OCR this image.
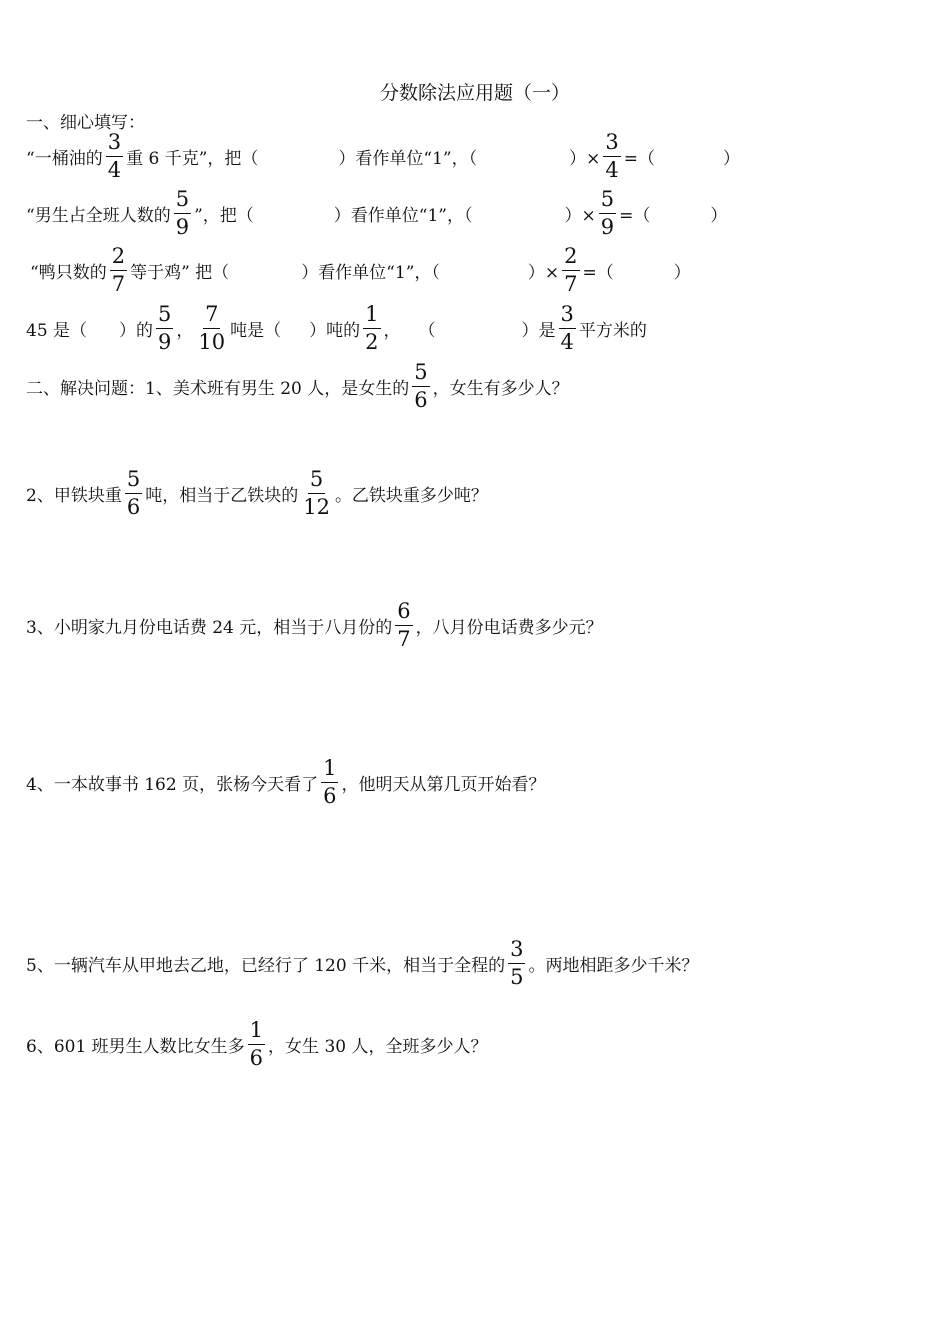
分数除法应用题（一）
一、细心填写：
“一桶油的 $\frac{3}{4}$ 重 6 千克”，把（	）看作单位“1”，（	）× $\frac{3}{4}$ =（	）
“男生占全班人数的 $\frac{5}{9}$ ”，把（	）看作单位“1”，（	）× $\frac{5}{9}$ =（	）
“鸭只数的 $\frac{2}{7}$ 等于鸡” 把（	）看作单位“1”，（	）× $\frac{2}{7}$ =（	）
45 是（ ）的 $\frac{5}{9}$ ， $\frac{7}{10}$ 吨是（ ）吨的 $\frac{1}{2}$ ， （	）是 $\frac{3}{4}$ 平方米的
二、解决问题：1、美术班有男生 20 人，是女生的 $\frac{5}{6}$ ，女生有多少人？
2、甲铁块重 $\frac{5}{6}$ 吨，相当于乙铁块的 $\frac{5}{12}$ 。乙铁块重多少吨？
3、小明家九月份电话费 24 元，相当于八月份的 $\frac{6}{7}$ ，八月份电话费多少元？
4、一本故事书 162 页，张杨今天看了 $\frac{1}{6}$ ，他明天从第几页开始看？
5、一辆汽车从甲地去乙地，已经行了 120 千米，相当于全程的 $\frac{3}{5}$ 。两地相距多少千米？
6、601 班男生人数比女生多 $\frac{1}{6}$ ，女生 30 人，全班多少人？
